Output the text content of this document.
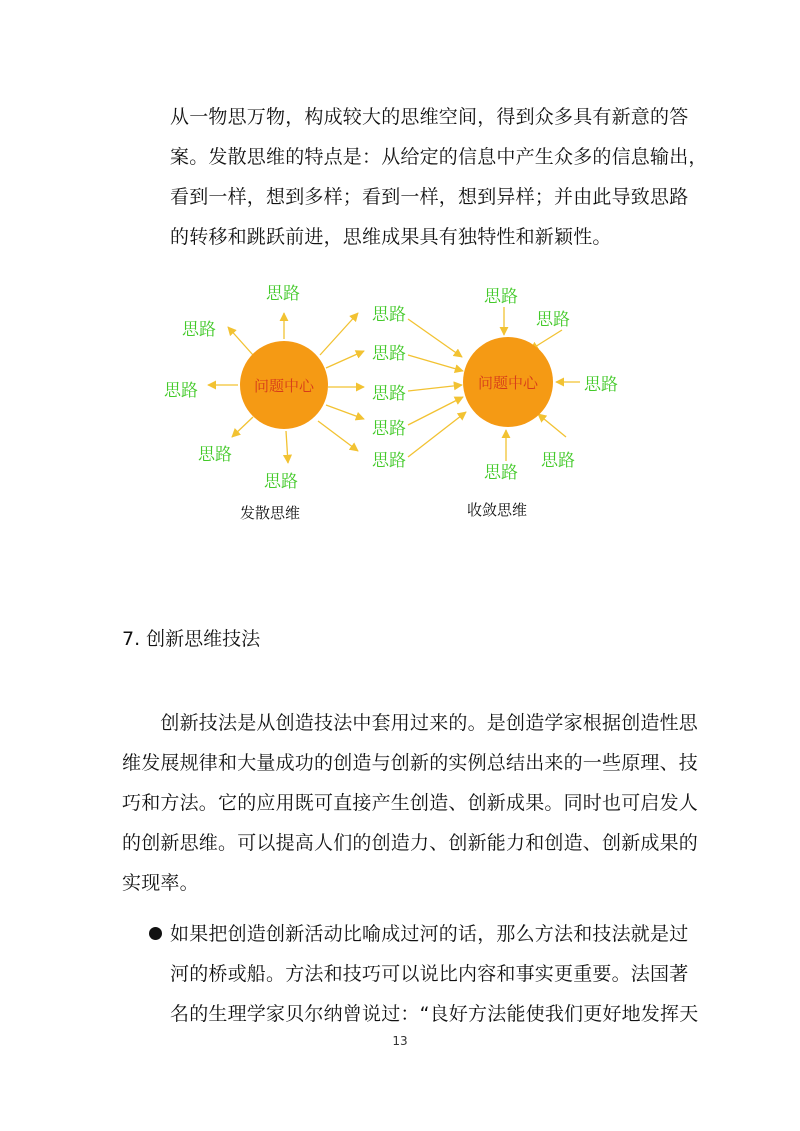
从一物思万物，构成较大的思维空间，得到众多具有新意的答
案。发散思维的特点是：从给定的信息中产生众多的信息输出，
看到一样，想到多样；看到一样，想到异样；并由此导致思路
的转移和跳跃前进，思维成果具有独特性和新颖性。
问题中心	问题中心
思路
思路
思路
思路
思路
思路
思路
思路
思路
思路
思路
思路
思路
思路
思路
发散思维	收敛思维
7. 创新思维技法
　　创新技法是从创造技法中套用过来的。是创造学家根据创造性思
维发展规律和大量成功的创造与创新的实例总结出来的一些原理、技
巧和方法。它的应用既可直接产生创造、创新成果。同时也可启发人
的创新思维。可以提高人们的创造力、创新能力和创造、创新成果的
实现率。
如果把创造创新活动比喻成过河的话，那么方法和技法就是过
河的桥或船。方法和技巧可以说比内容和事实更重要。法国著
名的生理学家贝尔纳曾说过：“良好方法能使我们更好地发挥天
13
